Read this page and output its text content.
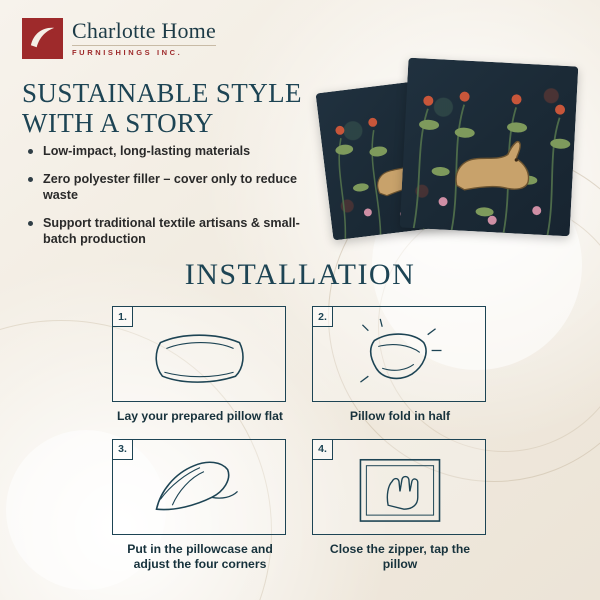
Charlotte Home
FURNISHINGS INC.
SUSTAINABLE STYLE WITH A STORY
Low-impact, long-lasting materials
Zero polyester filler – cover only to reduce waste
Support traditional textile artisans & small-batch production
INSTALLATION
1.
Lay your prepared pillow flat
2.
Pillow fold in half
3.
Put in the pillowcase and adjust the four corners
4.
Close the zipper, tap the pillow
